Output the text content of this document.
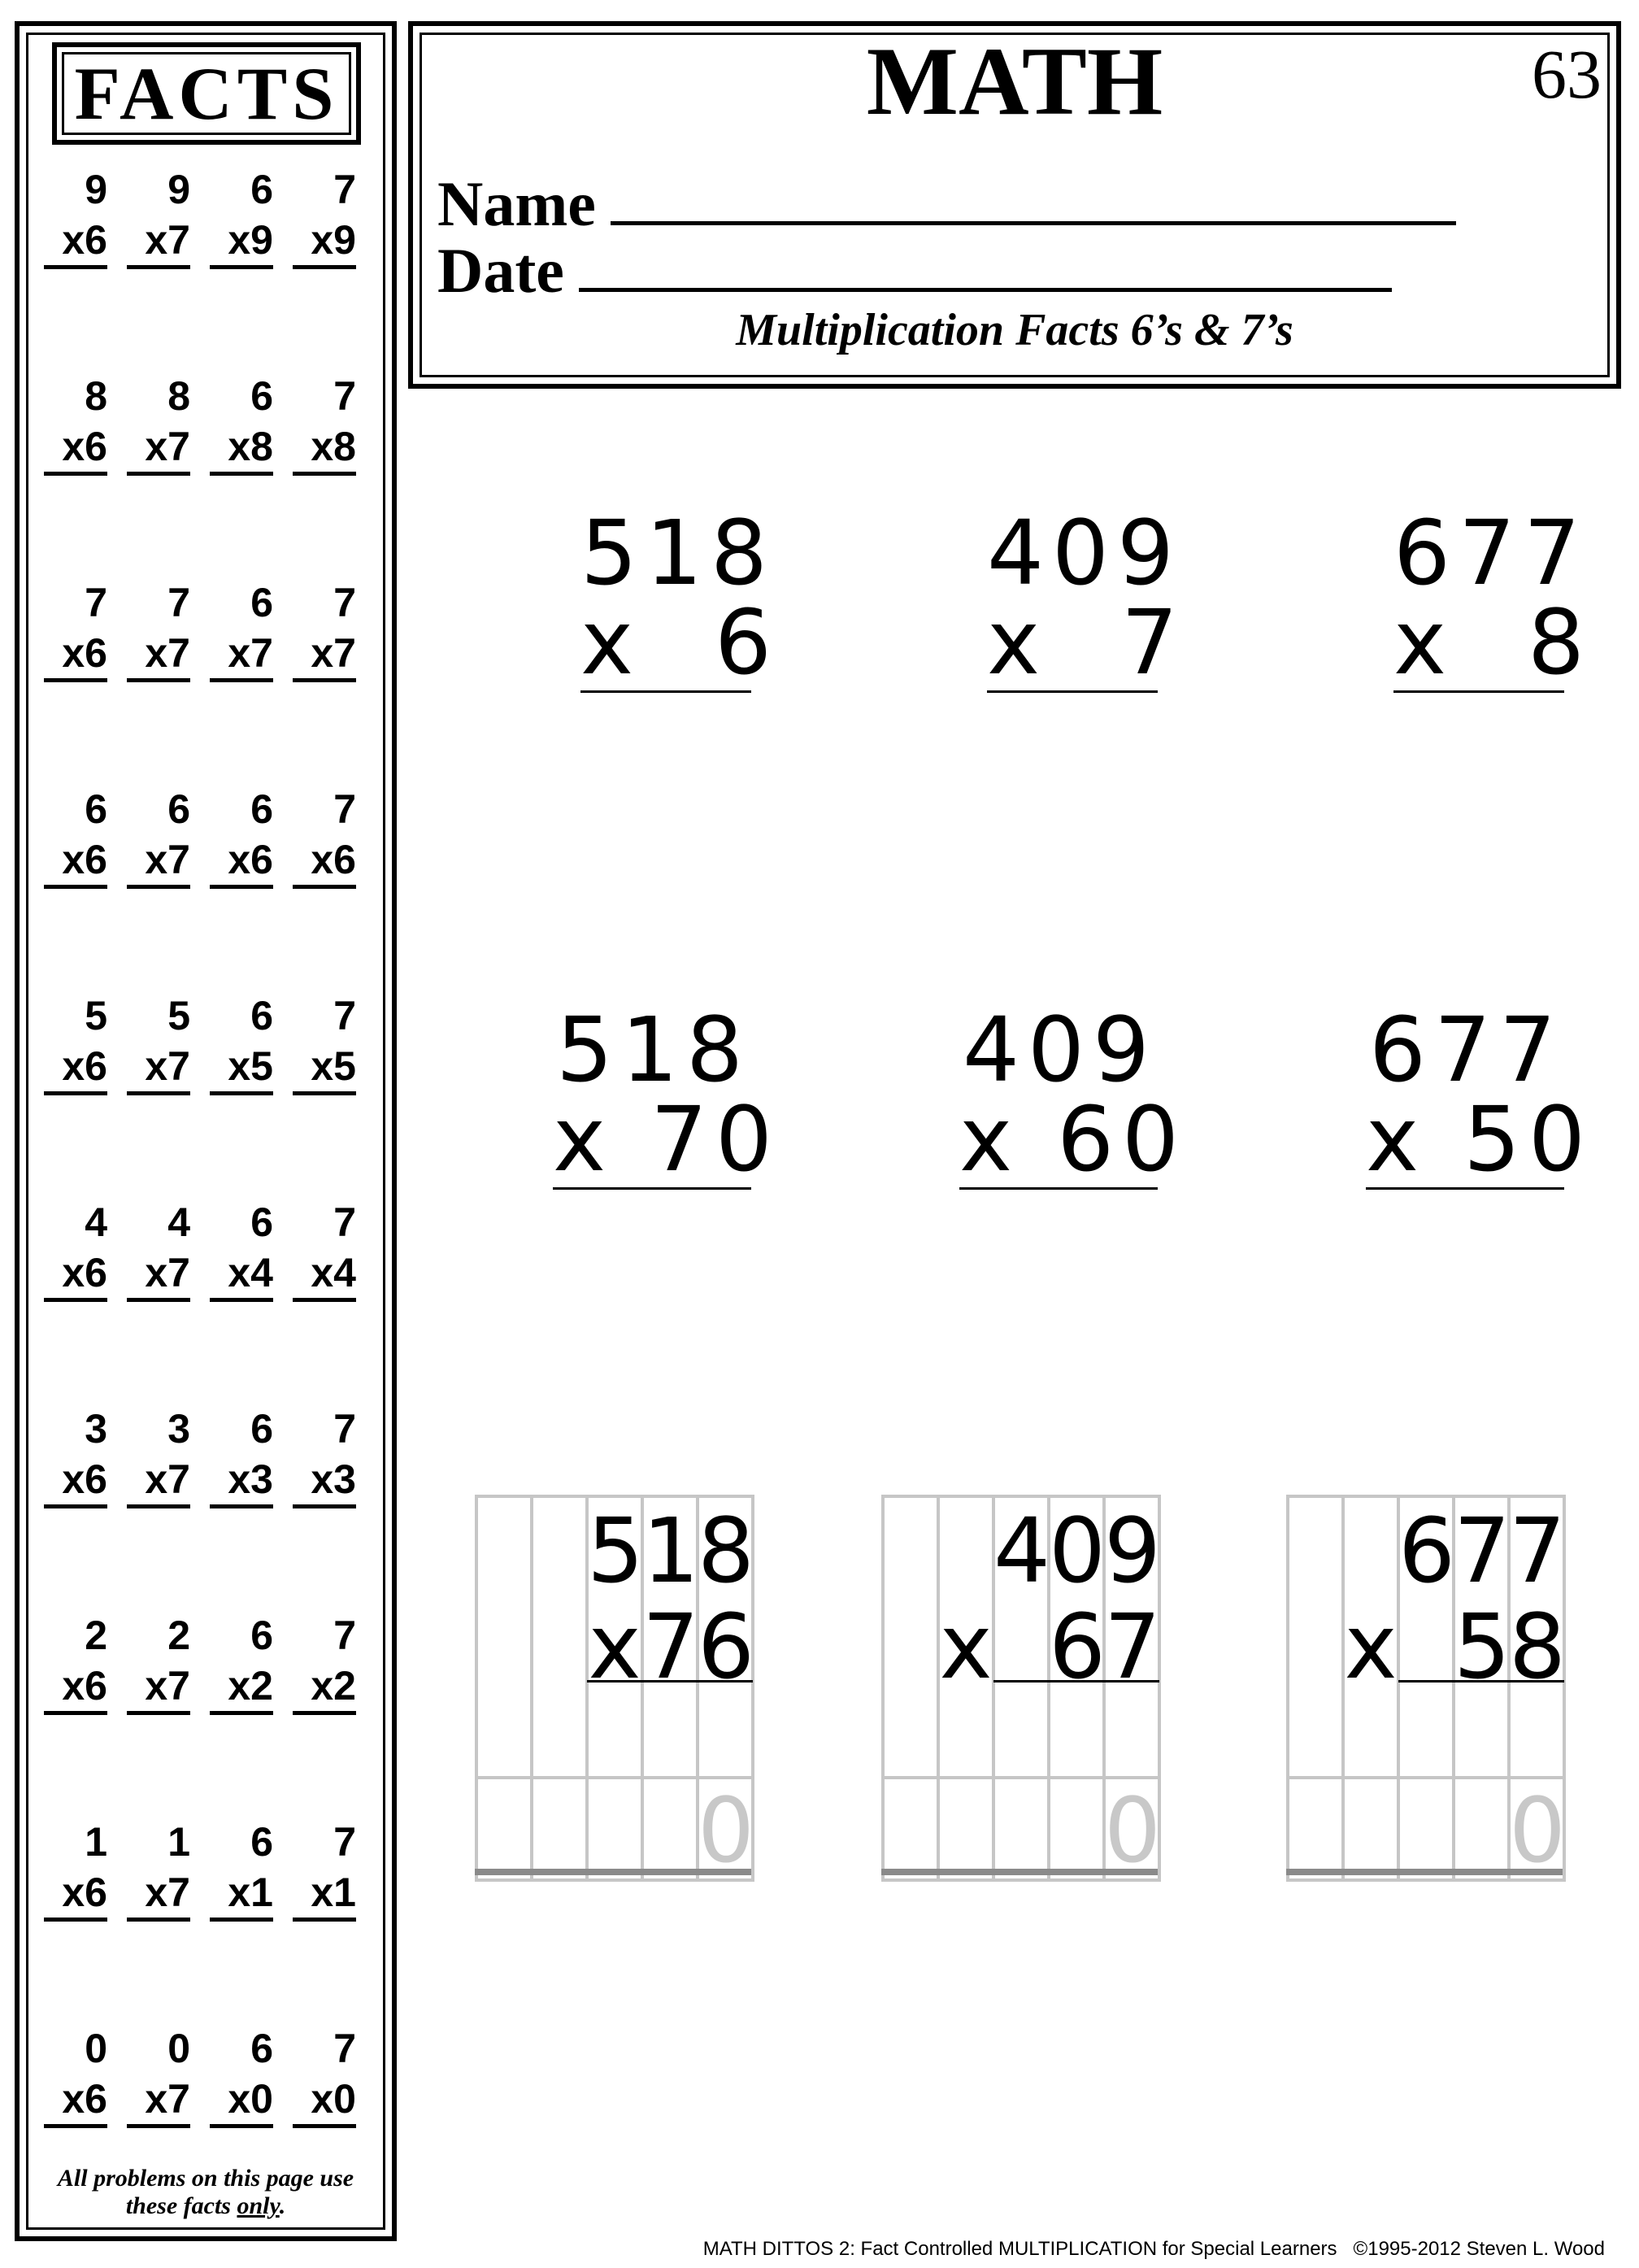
FACTS
9
x6
9
x7
6
x9
7
x9
8
x6
8
x7
6
x8
7
x8
7
x6
7
x7
6
x7
7
x7
6
x6
6
x7
6
x6
7
x6
5
x6
5
x7
6
x5
7
x5
4
x6
4
x7
6
x4
7
x4
3
x6
3
x7
6
x3
7
x3
2
x6
2
x7
6
x2
7
x2
1
x6
1
x7
6
x1
7
x1
0
x6
0
x7
6
x0
7
x0
All problems on this page use
these facts only.
MATH	63
Name
Date
Multiplication Facts 6’s & 7’s
518
x  6
409
x  7
677
x  8
518
x 70
409
x 60
677
x 50
5
1
8
x 7
6
0
4
0
9
x 6
7
0
6
7
7
x 5
8
0
MATH DITTOS 2: Fact Controlled MULTIPLICATION for Special Learners   ©1995-2012 Steven L. Wood
